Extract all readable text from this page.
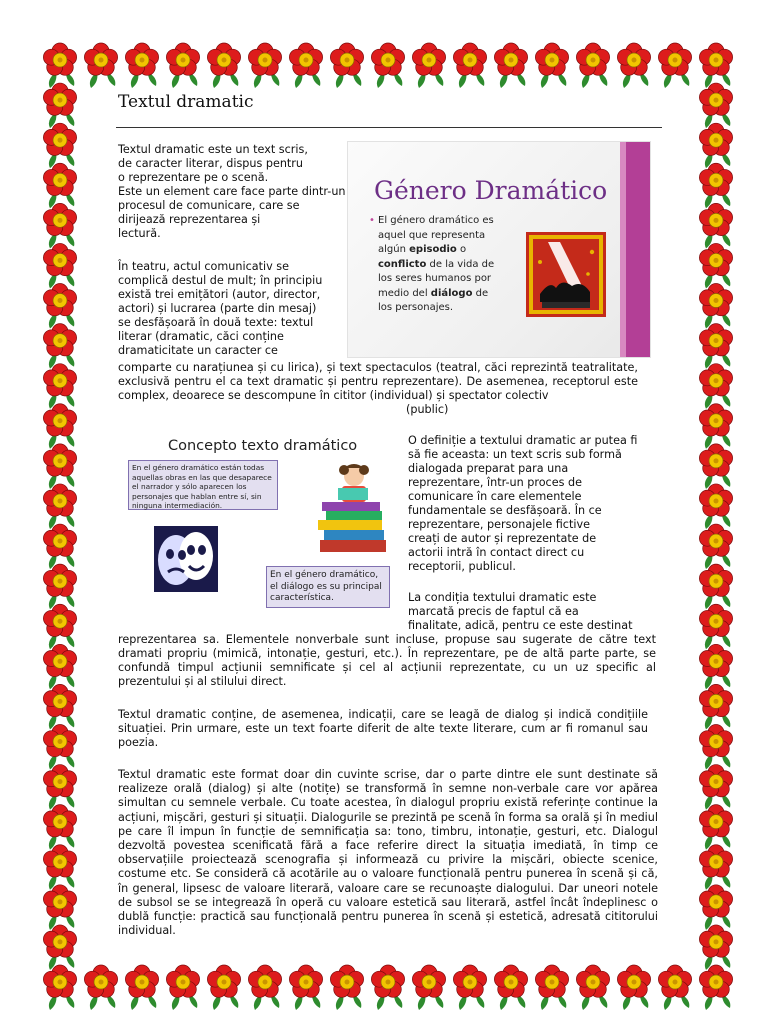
Textul dramatic
Textul dramatic este un text scris,
de caracter literar, dispus pentru
o reprezentare pe o scenă.
Este un element care face parte dintr-un
procesul de comunicare, care se
dirijează reprezentarea și
lectură.
În teatru, actul comunicativ se
complică destul de mult; în principiu
există trei emițători (autor, director,
actori) și lucrarea (parte din mesaj)
se desfășoară în două texte: textul
literar (dramatic, căci conține
dramaticitate un caracter ce
Género Dramático
• El género dramático es aquel que representa algún episodio o conflicto de la vida de los seres humanos por medio del diálogo de los personajes.
comparte cu narațiunea și cu lirica), și text spectaculos (teatral, căci reprezintă teatralitate, exclusivă pentru el ca text dramatic și pentru reprezentare). De asemenea, receptorul este complex, deoarece se descompune în cititor (individual) și spectator colectiv
(public)
Concepto texto dramático
En el género dramático están todas aquellas obras en las que desaparece el narrador y sólo aparecen los personajes que hablan entre sí, sin ninguna intermediación.
En el género dramático, el diálogo es su principal característica.
O definiție a textului dramatic ar putea fi
să fie aceasta: un text scris sub formă
dialogada preparat para una
reprezentare, într-un proces de
comunicare în care elementele
fundamentale se desfășoară. În ce
reprezentare, personajele fictive
creați de autor și reprezentate de
actorii intră în contact direct cu
receptorii, publicul.
La condiția textului dramatic este
marcată precis de faptul că ea
finalitate, adică, pentru ce este destinat
reprezentarea sa. Elementele nonverbale sunt incluse, propuse sau sugerate de către text dramati propriu (mimică, intonație, gesturi, etc.). În reprezentare, pe de altă parte parte, se confundă timpul acțiunii semnificate și cel al acțiunii reprezentate, cu un uz specific al prezentului și al stilului direct.
Textul dramatic conține, de asemenea, indicații, care se leagă de dialog și indică condițiile situației. Prin urmare, este un text foarte diferit de alte texte literare, cum ar fi romanul sau poezia.
Textul dramatic este format doar din cuvinte scrise, dar o parte dintre ele sunt destinate să realizeze orală (dialog) și alte (notițe) se transformă în semne non-verbale care vor apărea simultan cu semnele verbale. Cu toate acestea, în dialogul propriu există referințe continue la acțiuni, mișcări, gesturi și situații. Dialogurile se prezintă pe scenă în forma sa orală și în mediul pe care îl impun în funcție de semnificația sa: tono, timbru, intonație, gesturi, etc. Dialogul dezvoltă povestea scenificată fără a face referire direct la situația imediată, în timp ce observațiile proiectează scenografia și informează cu privire la mișcări, obiecte scenice, costume etc. Se consideră că acotările au o valoare funcțională pentru punerea în scenă și că, în general, lipsesc de valoare literară, valoare care se recunoaște dialogului. Dar uneori notele de subsol se se integrează în operă cu valoare estetică sau literară, astfel încât îndeplinesc o dublă funcție: practică sau funcțională pentru punerea în scenă și estetică, adresată cititorului individual.
